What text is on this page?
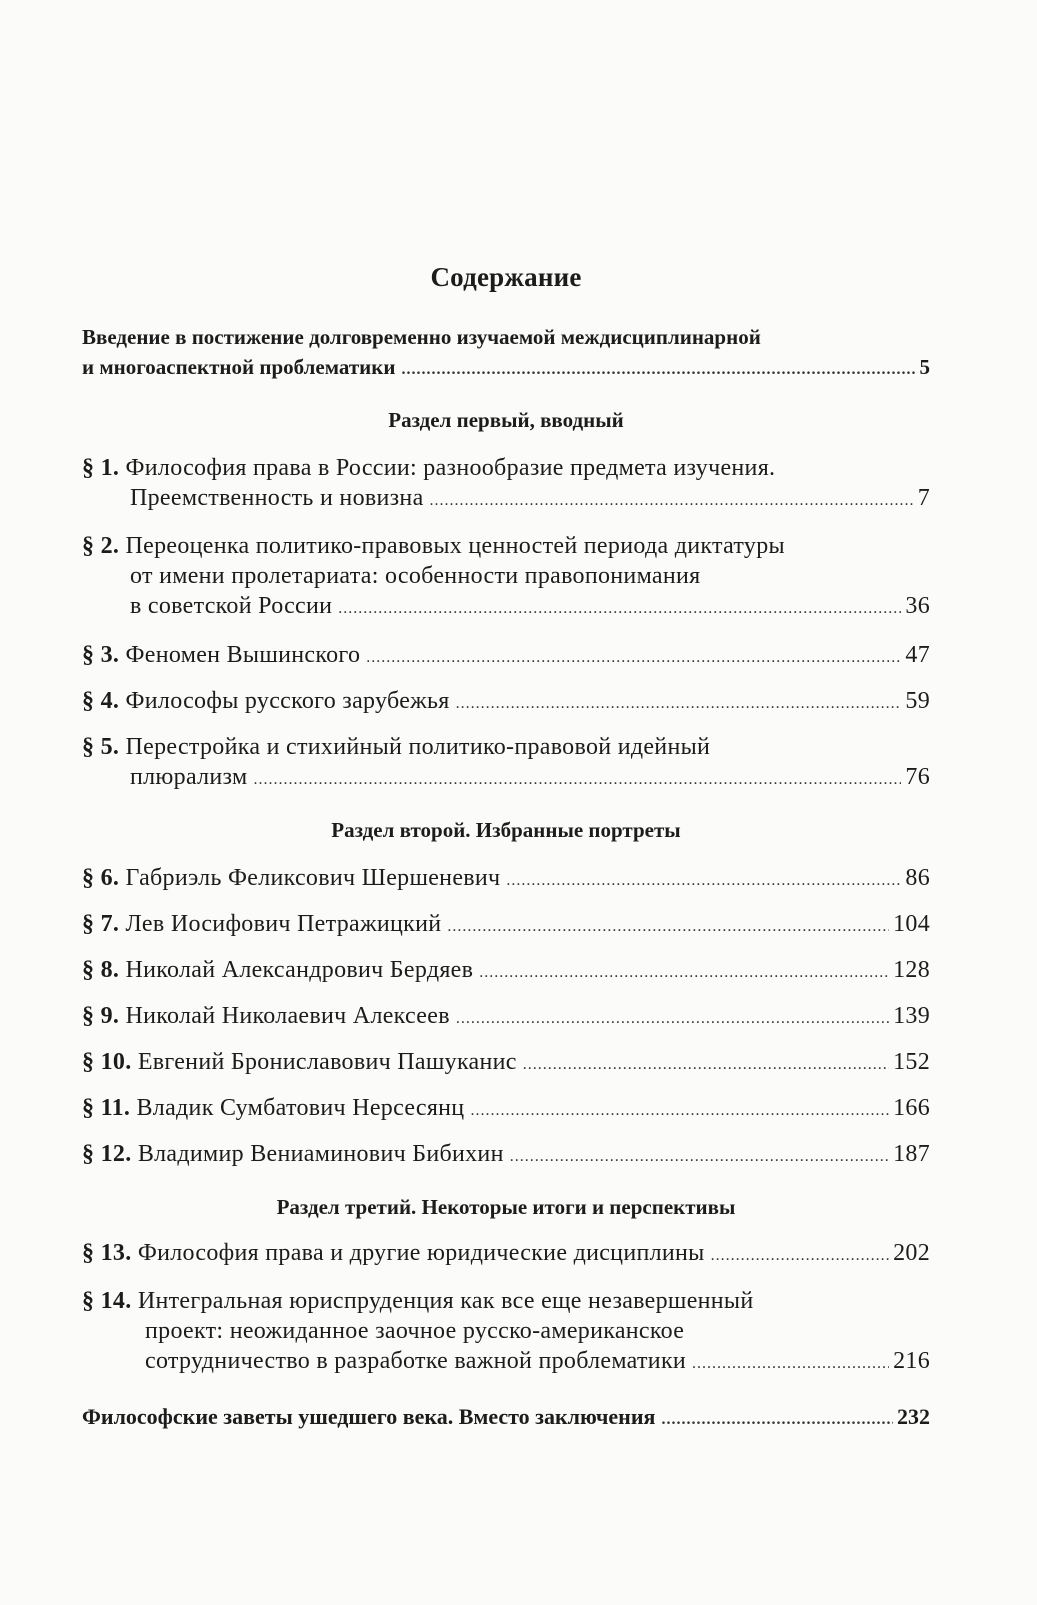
Содержание
Введение в постижение долговременно изучаемой междисциплинарной
и многоаспектной проблематики .....	5
Раздел первый, вводный
§ 1. Философия права в России: разнообразие предмета изучения.
Преемственность и новизна .....	7
§ 2. Переоценка политико-правовых ценностей периода диктатуры
от имени пролетариата: особенности правопонимания
в советской России .....	36
§ 3. Феномен Вышинского .....	47
§ 4. Философы русского зарубежья .....	59
§ 5. Перестройка и стихийный политико-правовой идейный
плюрализм .....	76
Раздел второй. Избранные портреты
§ 6. Габриэль Феликсович Шершеневич .....	86
§ 7. Лев Иосифович Петражицкий .....	104
§ 8. Николай Александрович Бердяев .....	128
§ 9. Николай Николаевич Алексеев .....	139
§ 10. Евгений Брониславович Пашуканис .....	152
§ 11. Владик Сумбатович Нерсесянц .....	166
§ 12. Владимир Вениаминович Бибихин .....	187
Раздел третий. Некоторые итоги и перспективы
§ 13. Философия права и другие юридические дисциплины .....	202
§ 14. Интегральная юриспруденция как все еще незавершенный
проект: неожиданное заочное русско-американское
сотрудничество в разработке важной проблематики .....	216
Философские заветы ушедшего века. Вместо заключения .....	232
